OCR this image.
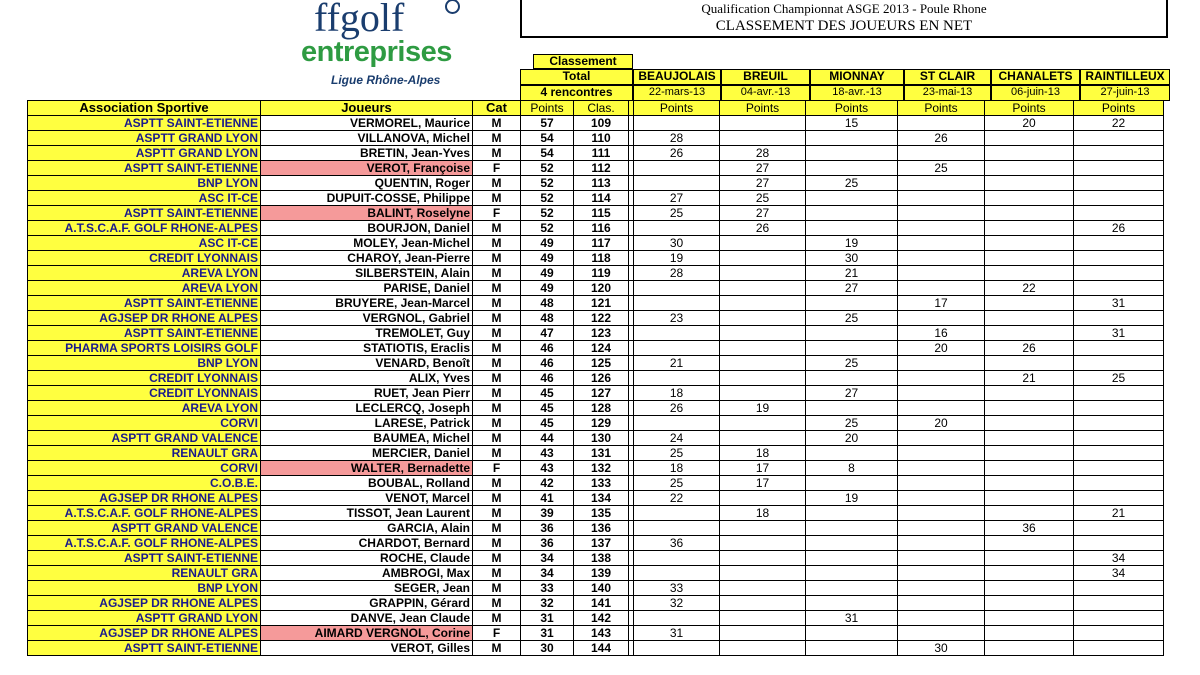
ffgolf
entreprises
Ligue Rhône-Alpes
Qualification Championnat ASGE 2013 - Poule Rhone
CLASSEMENT DES JOUEURS EN NET
Classement
Total
4 rencontres
BEAUJOLAIS
22-mars-13
BREUIL
04-avr.-13
MIONNAY
18-avr.-13
ST CLAIR
23-mai-13
CHANALETS
06-juin-13
RAINTILLEUX
27-juin-13
Association Sportive	Joueurs	Cat	Points	Clas.		Points	Points	Points	Points	Points	Points
ASPTT SAINT-ETIENNE	VERMOREL, Maurice	M	57	109				15		20	22
ASPTT GRAND LYON	VILLANOVA, Michel	M	54	110		28			26		
ASPTT GRAND LYON	BRETIN, Jean-Yves	M	54	111		26	28				
ASPTT SAINT-ETIENNE	VEROT, Françoise	F	52	112			27		25		
BNP LYON	QUENTIN, Roger	M	52	113			27	25			
ASC IT-CE	DUPUIT-COSSE, Philippe	M	52	114		27	25				
ASPTT SAINT-ETIENNE	BALINT, Roselyne	F	52	115		25	27				
A.T.S.C.A.F. GOLF RHONE-ALPES	BOURJON, Daniel	M	52	116			26				26
ASC IT-CE	MOLEY, Jean-Michel	M	49	117		30		19			
CREDIT LYONNAIS	CHAROY, Jean-Pierre	M	49	118		19		30			
AREVA LYON	SILBERSTEIN, Alain	M	49	119		28		21			
AREVA LYON	PARISE, Daniel	M	49	120				27		22	
ASPTT SAINT-ETIENNE	BRUYERE, Jean-Marcel	M	48	121					17		31
AGJSEP DR RHONE ALPES	VERGNOL, Gabriel	M	48	122		23		25			
ASPTT SAINT-ETIENNE	TREMOLET, Guy	M	47	123					16		31
PHARMA SPORTS LOISIRS GOLF	STATIOTIS, Eraclis	M	46	124					20	26	
BNP LYON	VENARD, Benoît	M	46	125		21		25			
CREDIT LYONNAIS	ALIX, Yves	M	46	126						21	25
CREDIT LYONNAIS	RUET, Jean Pierr	M	45	127		18		27			
AREVA LYON	LECLERCQ, Joseph	M	45	128		26	19				
CORVI	LARESE, Patrick	M	45	129				25	20		
ASPTT GRAND VALENCE	BAUMEA, Michel	M	44	130		24		20			
RENAULT GRA	MERCIER, Daniel	M	43	131		25	18				
CORVI	WALTER, Bernadette	F	43	132		18	17	8			
C.O.B.E.	BOUBAL, Rolland	M	42	133		25	17				
AGJSEP DR RHONE ALPES	VENOT, Marcel	M	41	134		22		19			
A.T.S.C.A.F. GOLF RHONE-ALPES	TISSOT, Jean Laurent	M	39	135			18				21
ASPTT GRAND VALENCE	GARCIA, Alain	M	36	136						36	
A.T.S.C.A.F. GOLF RHONE-ALPES	CHARDOT, Bernard	M	36	137		36					
ASPTT SAINT-ETIENNE	ROCHE, Claude	M	34	138							34
RENAULT GRA	AMBROGI, Max	M	34	139							34
BNP LYON	SEGER, Jean	M	33	140		33					
AGJSEP DR RHONE ALPES	GRAPPIN, Gérard	M	32	141		32					
ASPTT GRAND LYON	DANVE, Jean Claude	M	31	142				31			
AGJSEP DR RHONE ALPES	AIMARD VERGNOL, Corine	F	31	143		31					
ASPTT SAINT-ETIENNE	VEROT, Gilles	M	30	144					30		
